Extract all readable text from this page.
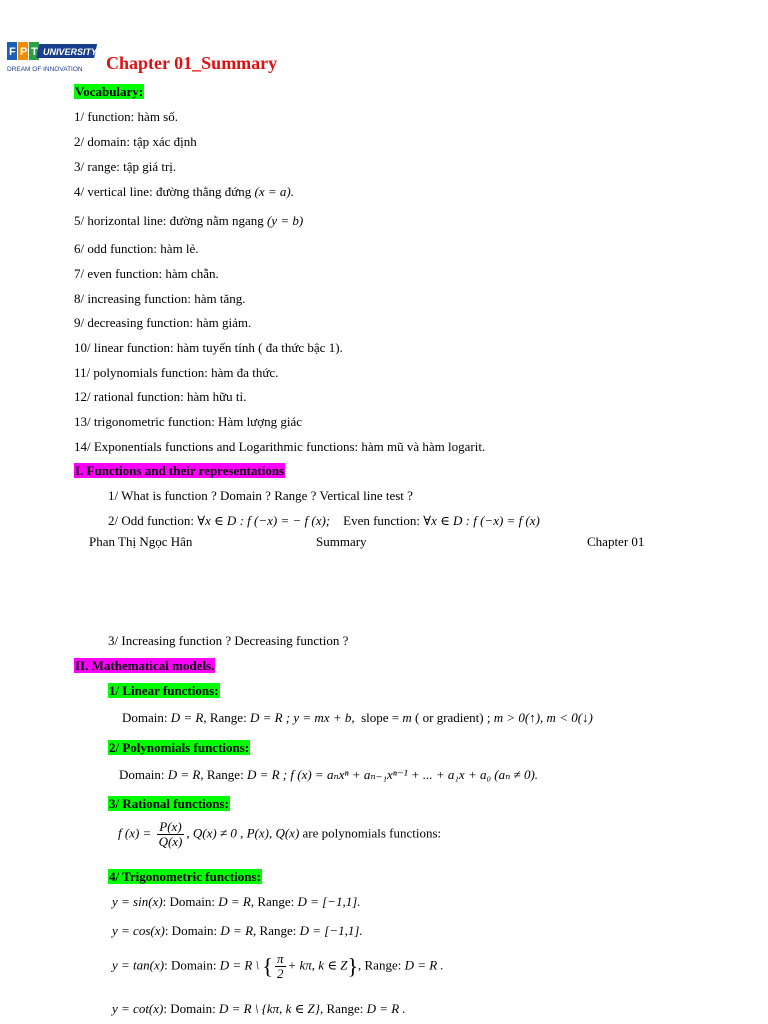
F P T UNIVERSITY
DREAM OF INNOVATION Chapter 01_Summary
Vocabulary:
1/ function: hàm số.
2/ domain: tập xác định
3/ range: tập giá trị.
4/ vertical line: đường thẳng đứng (x = a).
5/ horizontal line: đường nằm ngang (y = b)
6/ odd function: hàm lẻ.
7/ even function: hàm chẵn.
8/ increasing function: hàm tăng.
9/ decreasing function: hàm giảm.
10/ linear function: hàm tuyến tính ( đa thức bậc 1).
11/ polynomials function: hàm đa thức.
12/ rational function: hàm hữu tỉ.
13/ trigonometric function: Hàm lượng giác
14/ Exponentials functions and Logarithmic functions: hàm mũ và hàm logarit.
I. Functions and their representations
1/ What is function ? Domain ? Range ? Vertical line test ?
2/ Odd function: ∀x ∈ D : f (−x) = − f (x); Even function: ∀x ∈ D : f (−x) = f (x)
Phan Thị Ngọc Hân	Summary	Chapter 01
3/ Increasing function ? Decreasing function ?
II. Mathematical models.
1/ Linear functions:
Domain: D = R, Range: D = R ; y = mx + b, slope = m ( or gradient) ; m > 0(↑), m < 0(↓)
2/ Polynomials functions:
Domain: D = R, Range: D = R ; f (x) = aₙxⁿ + aₙ₋₁xⁿ⁻¹ + ... + a₁x + a₀ (aₙ ≠ 0).
3/ Rational functions:
f $(x) = \frac{P(x)}{Q(x)}$ , Q(x) ≠ 0 , P(x), Q(x) are polynomials functions:
4/ Trigonometric functions:
y = sin(x): Domain: D = R, Range: D = [−1,1].
y = cos(x): Domain: D = R, Range: D = [−1,1].
y = tan(x): Domain: D = R \ { $\frac{\pi}{2} + k\pi$, k ∈ Z}, Range: D = R .
y = cot(x): Domain: D = R \ {kπ, k ∈ Z}, Range: D = R .
